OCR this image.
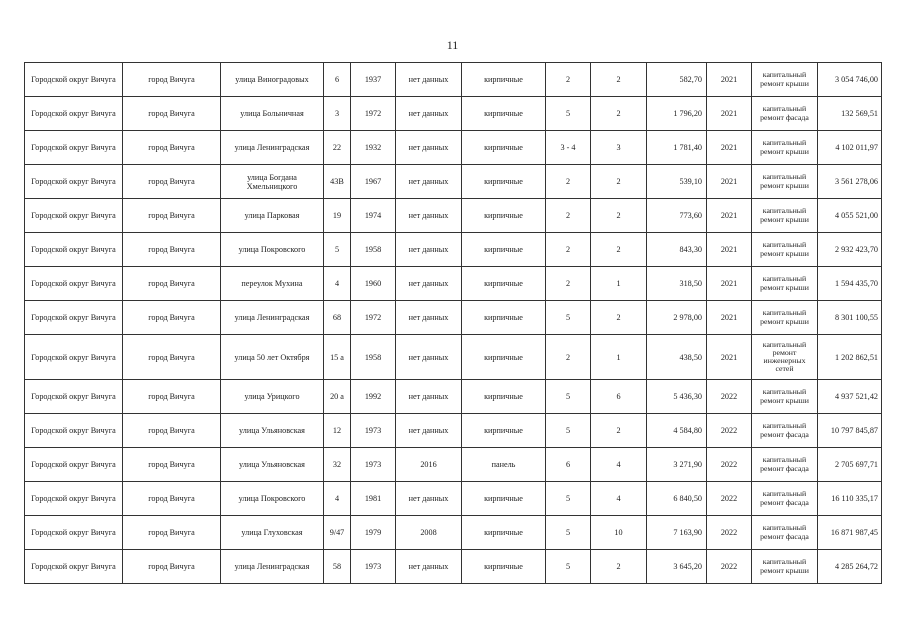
11
Городской округ Вичуга	город Вичуга	улица Виноградовых	6	1937	нет данных	кирпичные	2	2	582,70	2021	капитальный ремонт крыши	3 054 746,00
Городской округ Вичуга	город Вичуга	улица Больничная	3	1972	нет данных	кирпичные	5	2	1 796,20	2021	капитальный ремонт фасада	132 569,51
Городской округ Вичуга	город Вичуга	улица Ленинградская	22	1932	нет данных	кирпичные	3 - 4	3	1 781,40	2021	капитальный ремонт крыши	4 102 011,97
Городской округ Вичуга	город Вичуга	улица Богдана Хмельницкого	43В	1967	нет данных	кирпичные	2	2	539,10	2021	капитальный ремонт крыши	3 561 278,06
Городской округ Вичуга	город Вичуга	улица Парковая	19	1974	нет данных	кирпичные	2	2	773,60	2021	капитальный ремонт крыши	4 055 521,00
Городской округ Вичуга	город Вичуга	улица Покровского	5	1958	нет данных	кирпичные	2	2	843,30	2021	капитальный ремонт крыши	2 932 423,70
Городской округ Вичуга	город Вичуга	переулок Мухина	4	1960	нет данных	кирпичные	2	1	318,50	2021	капитальный ремонт крыши	1 594 435,70
Городской округ Вичуга	город Вичуга	улица Ленинградская	68	1972	нет данных	кирпичные	5	2	2 978,00	2021	капитальный ремонт крыши	8 301 100,55
Городской округ Вичуга	город Вичуга	улица 50 лет Октября	15 а	1958	нет данных	кирпичные	2	1	438,50	2021	капитальный ремонт инженерных сетей	1 202 862,51
Городской округ Вичуга	город Вичуга	улица Урицкого	20 а	1992	нет данных	кирпичные	5	6	5 436,30	2022	капитальный ремонт крыши	4 937 521,42
Городской округ Вичуга	город Вичуга	улица Ульяновская	12	1973	нет данных	кирпичные	5	2	4 584,80	2022	капитальный ремонт фасада	10 797 845,87
Городской округ Вичуга	город Вичуга	улица Ульяновская	32	1973	2016	панель	6	4	3 271,90	2022	капитальный ремонт фасада	2 705 697,71
Городской округ Вичуга	город Вичуга	улица Покровского	4	1981	нет данных	кирпичные	5	4	6 840,50	2022	капитальный ремонт фасада	16 110 335,17
Городской округ Вичуга	город Вичуга	улица Глуховская	9/47	1979	2008	кирпичные	5	10	7 163,90	2022	капитальный ремонт фасада	16 871 987,45
Городской округ Вичуга	город Вичуга	улица Ленинградская	58	1973	нет данных	кирпичные	5	2	3 645,20	2022	капитальный ремонт крыши	4 285 264,72
